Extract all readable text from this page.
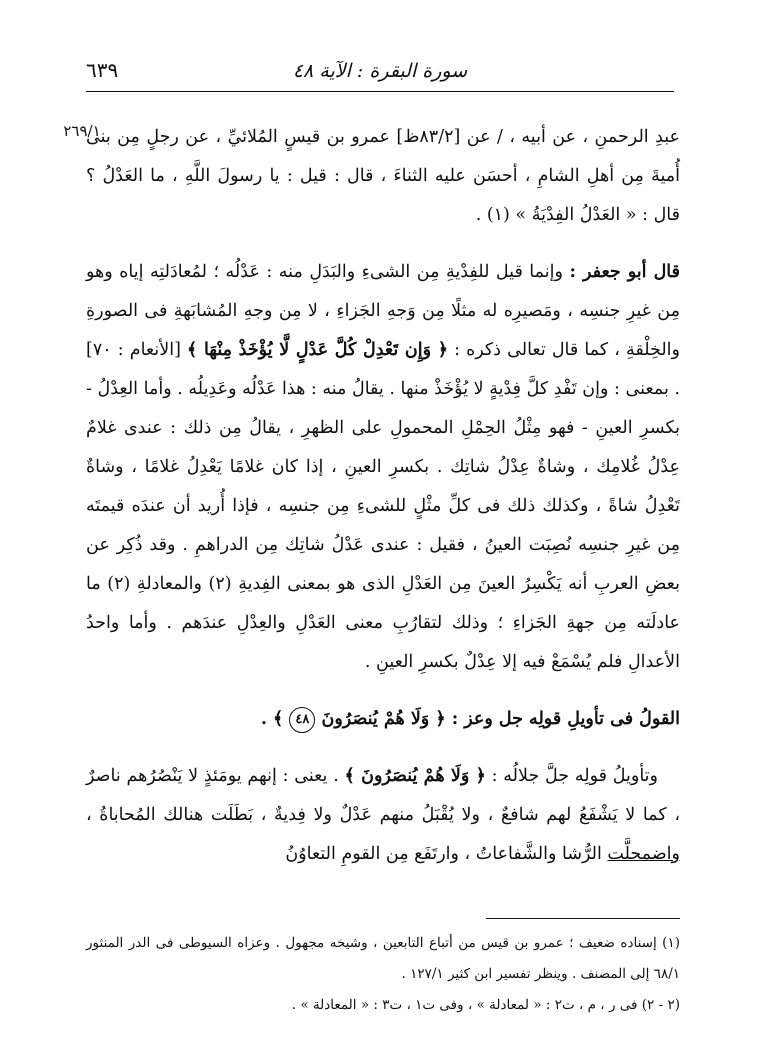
سورة البقرة : الآية ٤٨
٦٣٩
٢٦٩/١

عبدِ الرحمنِ ، عن أبيه ، / عن [٨٣/٢ظ] عمرو بن قيسٍ المُلائيِّ ، عن رجلٍ مِن بنى أُميةَ مِن أهلِ الشامِ ، أحسَن عليه الثناءَ ، قال : قيل : يا رسولَ اللَّهِ ، ما العَدْلُ ؟ قال : « العَدْلُ الفِدْيَةُ » (١) .

قال أبو جعفر : وإنما قيل للفِدْيةِ مِن الشىءِ والبَدَلِ منه : عَدْلُه ؛ لمُعادَلتِه إياه وهو مِن غيرِ جنسِه ، ومَصيرِه له مثلًا مِن وَجهِ الجَزاءِ ، لا مِن وجهِ المُشابَهةِ فى الصورةِ والخِلْقةِ ، كما قال تعالى ذكره : ﴿ وَإِن تَعْدِلْ كُلَّ عَدْلٍ لَّا يُؤْخَذْ مِنْهَا ﴾ [الأنعام : ٧٠] . بمعنى : وإن تَفْدِ كلَّ فِدْيةٍ لا يُؤْخَذْ منها . يقالُ منه : هذا عَدْلُه وعَدِيلُه . وأما العِدْلُ - بكسرِ العينِ - فهو مِثْلُ الحِمْلِ المحمولِ على الظهرِ ، يقالُ مِن ذلك : عندى غلامٌ عِدْلُ غُلامِك ، وشاةٌ عِدْلُ شاتِك . بكسرِ العينِ ، إذا كان غلامًا يَعْدِلُ غلامًا ، وشاةٌ تَعْدِلُ شاةً ، وكذلك ذلك فى كلِّ مثْلٍ للشىءِ مِن جنسِه ، فإذا أُريد أن عندَه قيمتَه مِن غيرِ جنسِه نُصِبَت العينُ ، فقيل : عندى عَدْلُ شاتِك مِن الدراهمِ . وقد ذُكِر عن بعضِ العربِ أنه يَكْسِرُ العينَ مِن العَدْلِ الذى هو بمعنى الفِديةِ (٢) والمعادلةِ (٢) ما عادلَته مِن جهةِ الجَزاءِ ؛ وذلك لتقارُبِ معنى العَدْلِ والعِدْلِ عندَهم . وأما واحدُ الأعدالِ فلم يُسْمَعْ فيه إلا عِدْلٌ بكسرِ العينِ .

القولُ فى تأويلِ قولِه جل وعز : ﴿ وَلَا هُمْ يُنصَرُونَ ٤٨ ﴾ .

وتأويلُ قولِه جلَّ جلالُه : ﴿ وَلَا هُمْ يُنصَرُونَ ﴾ . يعنى : إنهم يومَئذٍ لا يَنْصُرُهم ناصرٌ ، كما لا يَشْفَعُ لهم شافعٌ ، ولا يُقْبَلُ منهم عَدْلٌ ولا فِديةٌ ، بَطَلَت هنالك المُحاباةُ ، واضمحلَّت الرُّشا والشَّفاعاتُ ، وارتَفَع مِن القومِ التعاوُنُ

(١) إسناده ضعيف ؛ عمرو بن قيس من أتباع التابعين ، وشيخه مجهول . وعزاه السيوطى فى الدر المنثور ٦٨/١ إلى المصنف . وينظر تفسير ابن كثير ١٢٧/١ .

(٢ - ٢) فى ر ، م ، ت٢ : « لمعادلة » ، وفى ت١ ، ت٣ : « المعادلة » .
